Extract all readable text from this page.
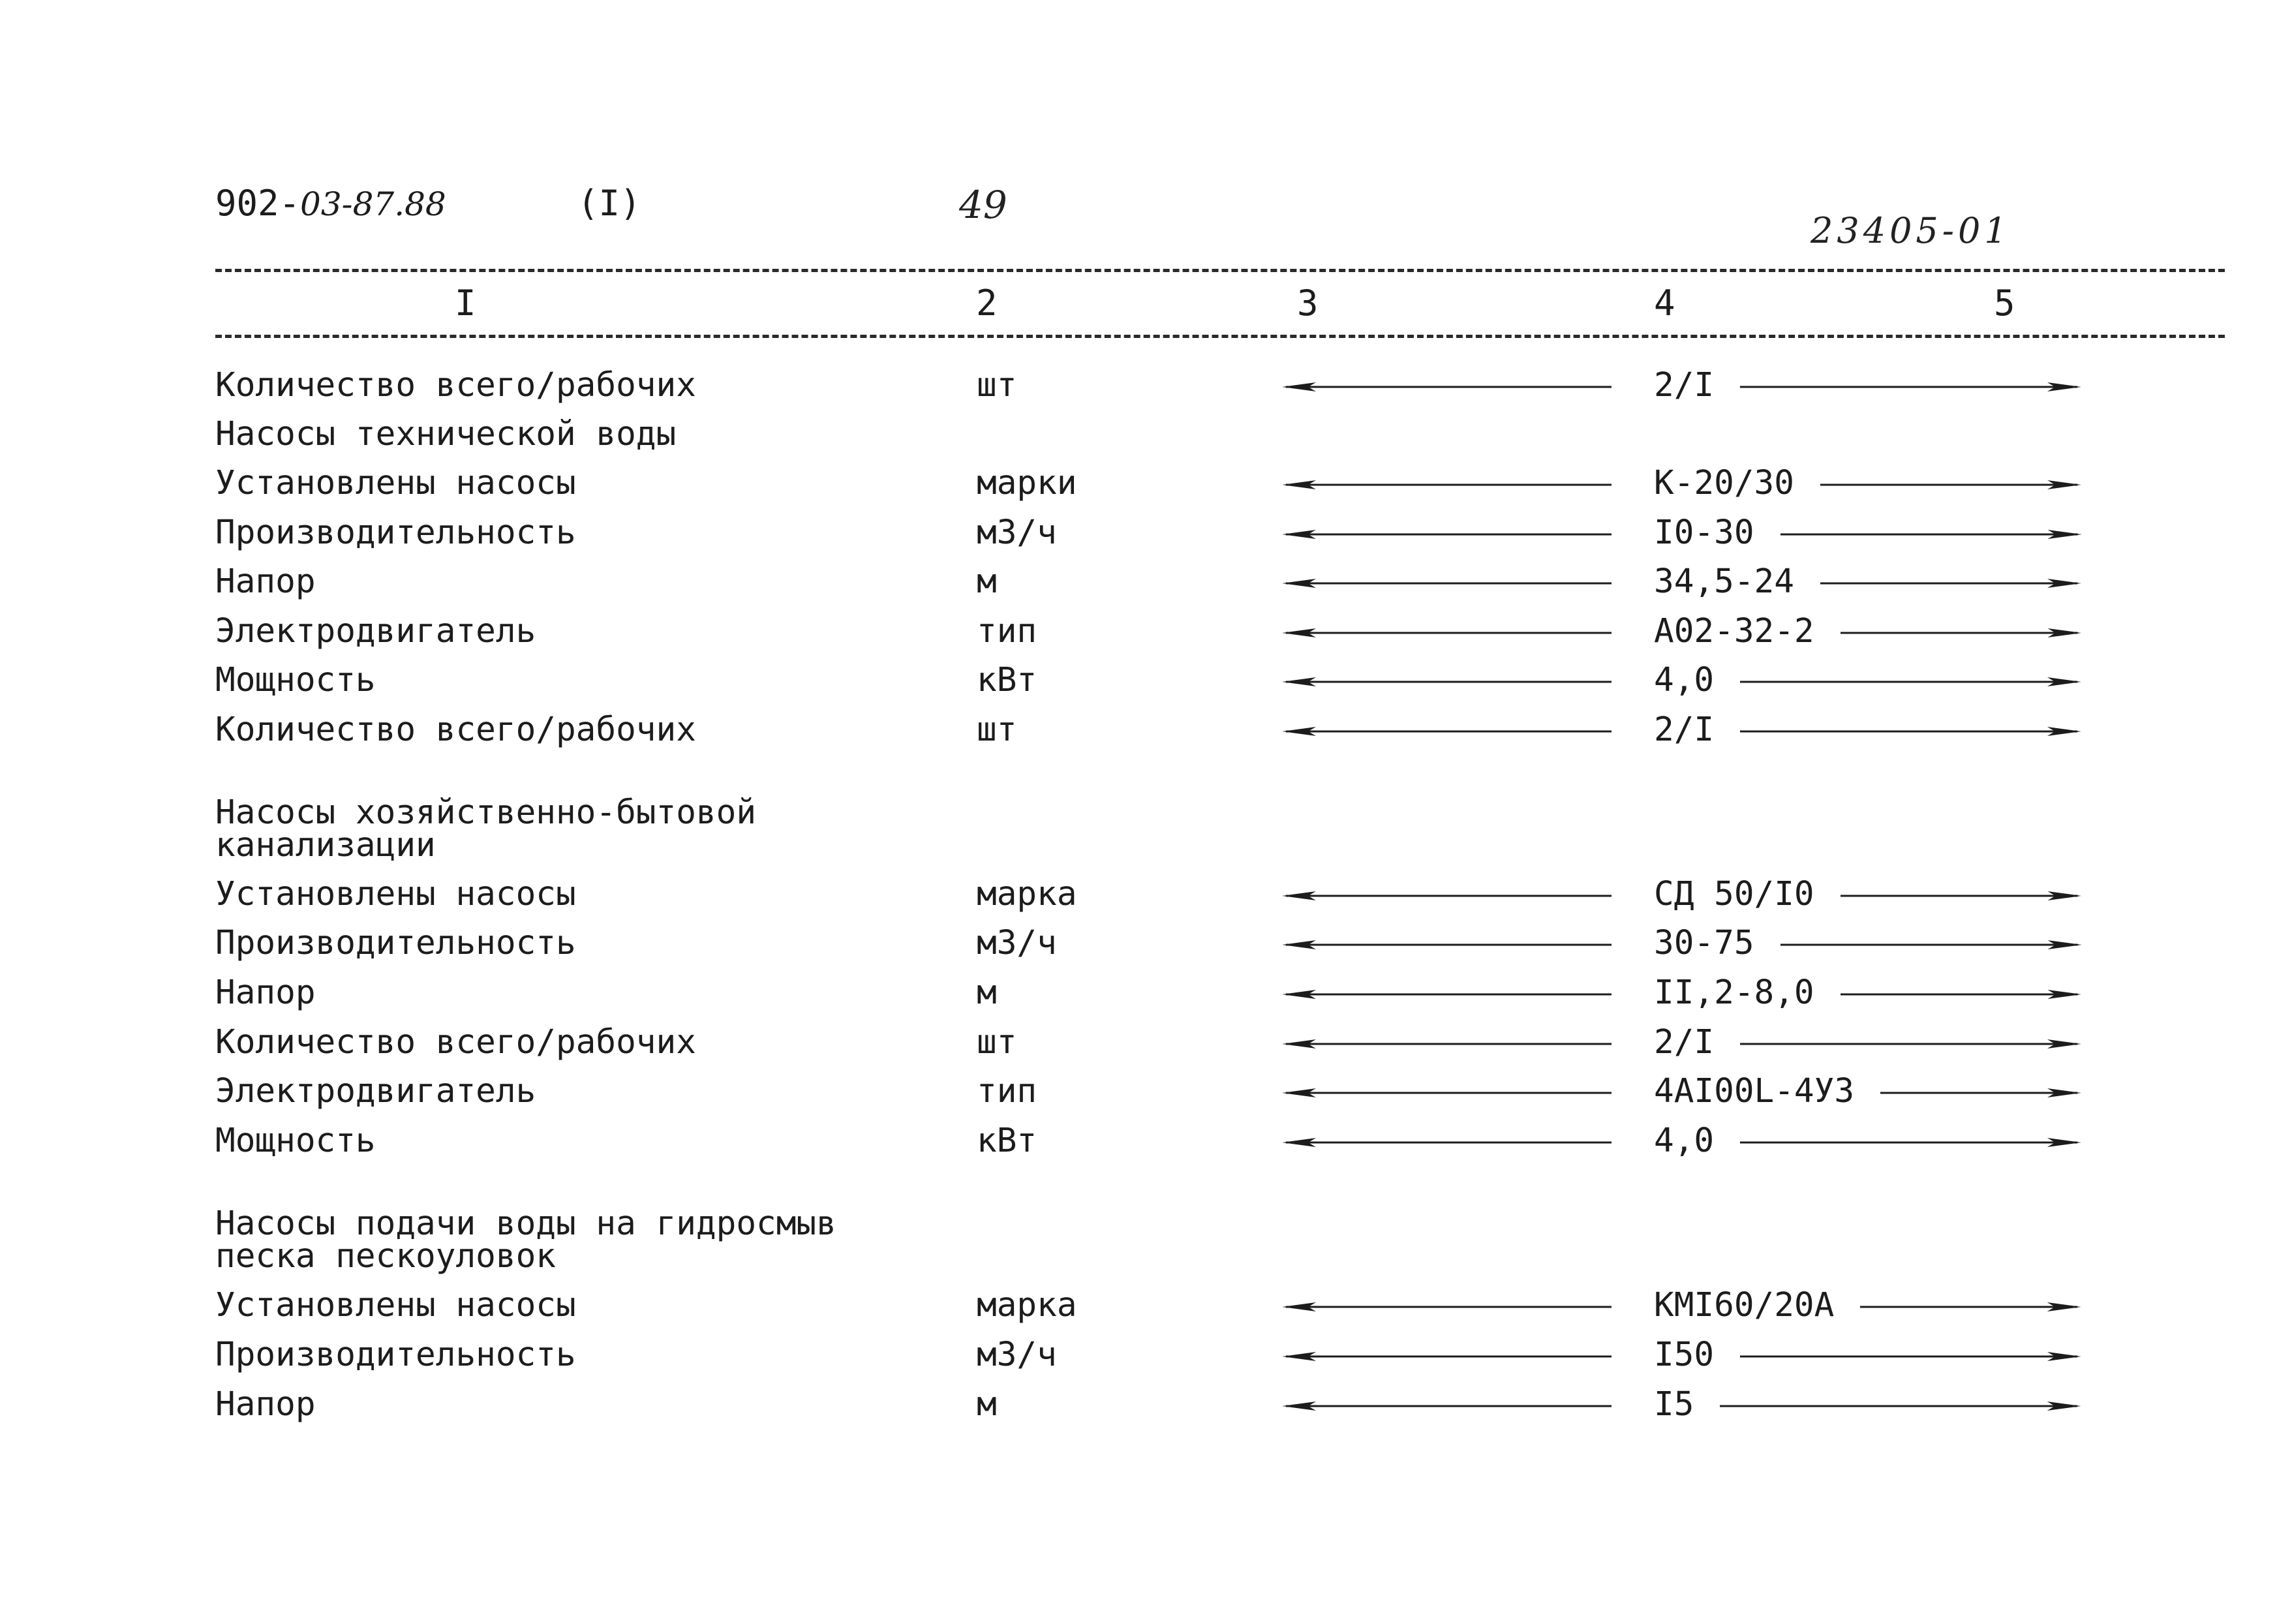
902-03-87.88	(I)	49
23405-01
I	2	3	4	5
Количество всего/рабочих	шт	2/I
Насосы технической воды
Установлены насосы	марки	К-20/30
Производительность	м3/ч	I0-30
Напор	м	34,5-24
Электродвигатель	тип	А02-32-2
Мощность	кВт	4,0
Количество всего/рабочих	шт	2/I
Насосы хозяйственно-бытовой
канализации
Установлены насосы	марка	СД 50/I0
Производительность	м3/ч	30-75
Напор	м	II,2-8,0
Количество всего/рабочих	шт	2/I
Электродвигатель	тип	4AI00L-4У3
Мощность	кВт	4,0
Насосы подачи воды на гидросмыв
песка пескоуловок
Установлены насосы	марка	КМI60/20А
Производительность	м3/ч	I50
Напор	м	I5
